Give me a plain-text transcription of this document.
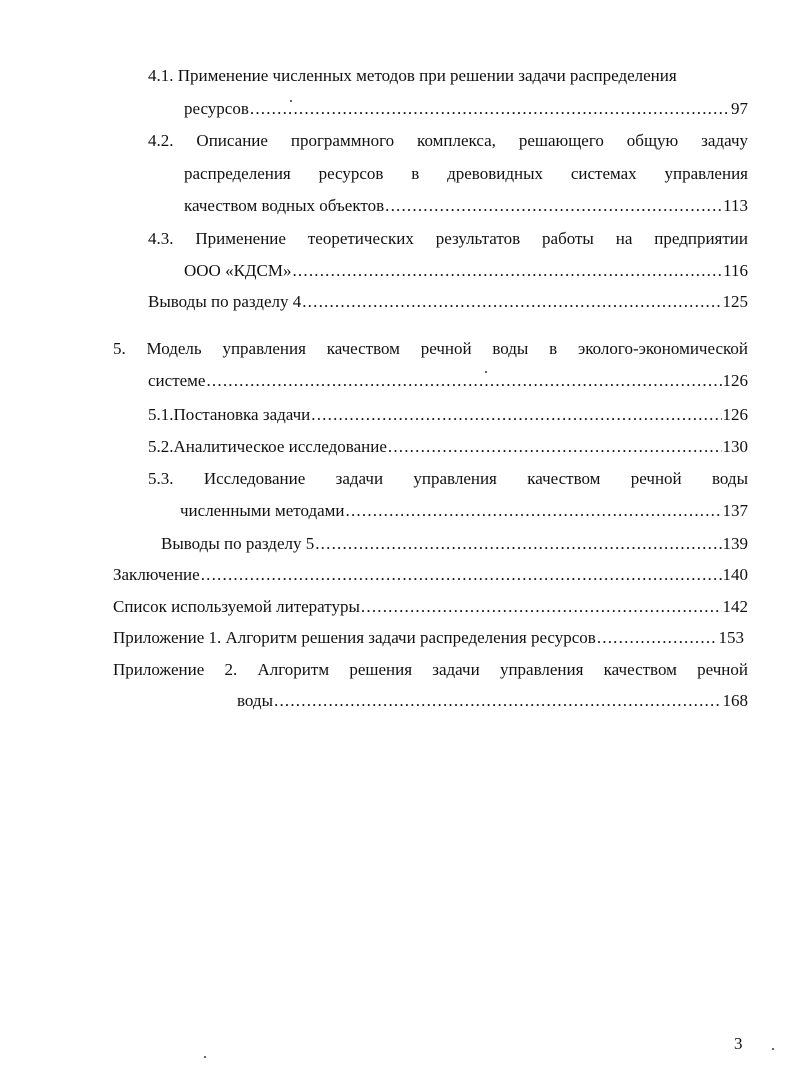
4.1. Применение численных методов при решении задачи распределения
ресурсов .....	97
4.2. Описание программного комплекса, решающего общую задачу
распределения ресурсов в древовидных системах управления
качеством водных объектов .....	113
4.3. Применение теоретических результатов работы на предприятии
ООО «КДСМ» .....	116
Выводы по разделу 4 .....	125
5. Модель управления качеством речной воды в эколого-экономической
системе .....	126
5.1.Постановка задачи .....	126
5.2.Аналитическое исследование .....	130
5.3. Исследование задачи управления качеством речной воды
численными методами .....	137
Выводы по разделу 5 .....	139
Заключение .....	140
Список используемой литературы .....	142
Приложение 1. Алгоритм решения задачи распределения ресурсов .....	153
Приложение 2. Алгоритм решения задачи управления качеством речной
воды .....	168
3
